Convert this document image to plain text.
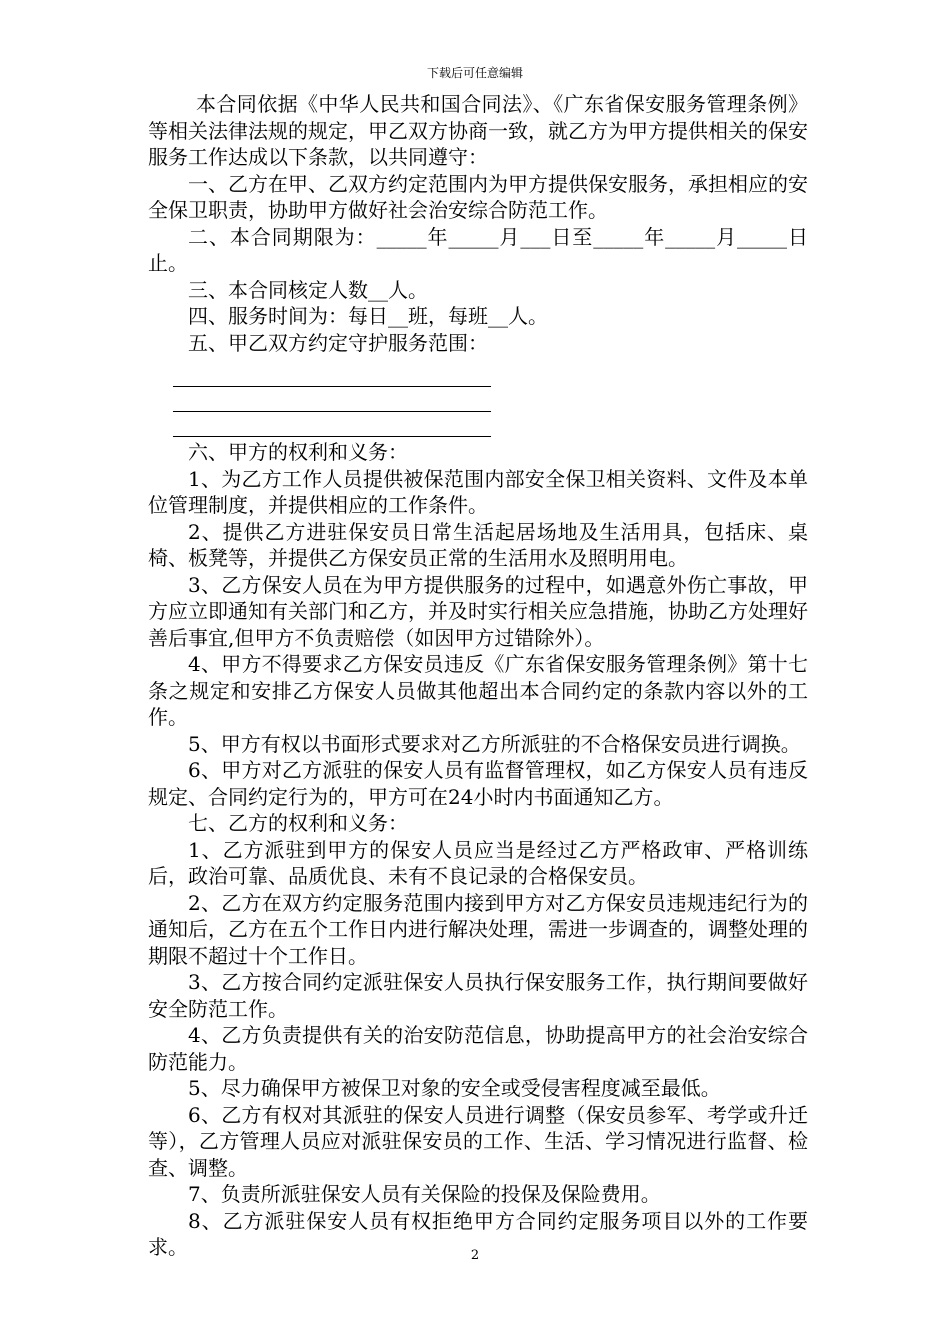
下载后可任意编辑

本合同依据《中华人民共和国合同法》、《广东省保安服务管理条例》等相关法律法规的规定，甲乙双方协商一致，就乙方为甲方提供相关的保安服务工作达成以下条款，以共同遵守：

一、乙方在甲、乙双方约定范围内为甲方提供保安服务，承担相应的安全保卫职责，协助甲方做好社会治安综合防范工作。

二、本合同期限为：_____年_____月___日至_____年_____月_____日止。

三、本合同核定人数__人。

四、服务时间为：每日__班，每班__人。

五、甲乙双方约定守护服务范围：

六、甲方的权利和义务：

1、为乙方工作人员提供被保范围内部安全保卫相关资料、文件及本单位管理制度，并提供相应的工作条件。

2、提供乙方进驻保安员日常生活起居场地及生活用具，包括床、桌椅、板凳等，并提供乙方保安员正常的生活用水及照明用电。

3、乙方保安人员在为甲方提供服务的过程中，如遇意外伤亡事故，甲方应立即通知有关部门和乙方，并及时实行相关应急措施，协助乙方处理好善后事宜,但甲方不负责赔偿（如因甲方过错除外）。

4、甲方不得要求乙方保安员违反《广东省保安服务管理条例》第十七条之规定和安排乙方保安人员做其他超出本合同约定的条款内容以外的工作。

5、甲方有权以书面形式要求对乙方所派驻的不合格保安员进行调换。

6、甲方对乙方派驻的保安人员有监督管理权，如乙方保安人员有违反规定、合同约定行为的，甲方可在24小时内书面通知乙方。

七、乙方的权利和义务：

1、乙方派驻到甲方的保安人员应当是经过乙方严格政审、严格训练后，政治可靠、品质优良、未有不良记录的合格保安员。

2、乙方在双方约定服务范围内接到甲方对乙方保安员违规违纪行为的通知后，乙方在五个工作日内进行解决处理，需进一步调查的，调整处理的期限不超过十个工作日。

3、乙方按合同约定派驻保安人员执行保安服务工作，执行期间要做好安全防范工作。

4、乙方负责提供有关的治安防范信息，协助提高甲方的社会治安综合防范能力。

5、尽力确保甲方被保卫对象的安全或受侵害程度减至最低。

6、乙方有权对其派驻的保安人员进行调整（保安员参军、考学或升迁等），乙方管理人员应对派驻保安员的工作、生活、学习情况进行监督、检查、调整。

7、负责所派驻保安人员有关保险的投保及保险费用。

8、乙方派驻保安人员有权拒绝甲方合同约定服务项目以外的工作要求。	2
